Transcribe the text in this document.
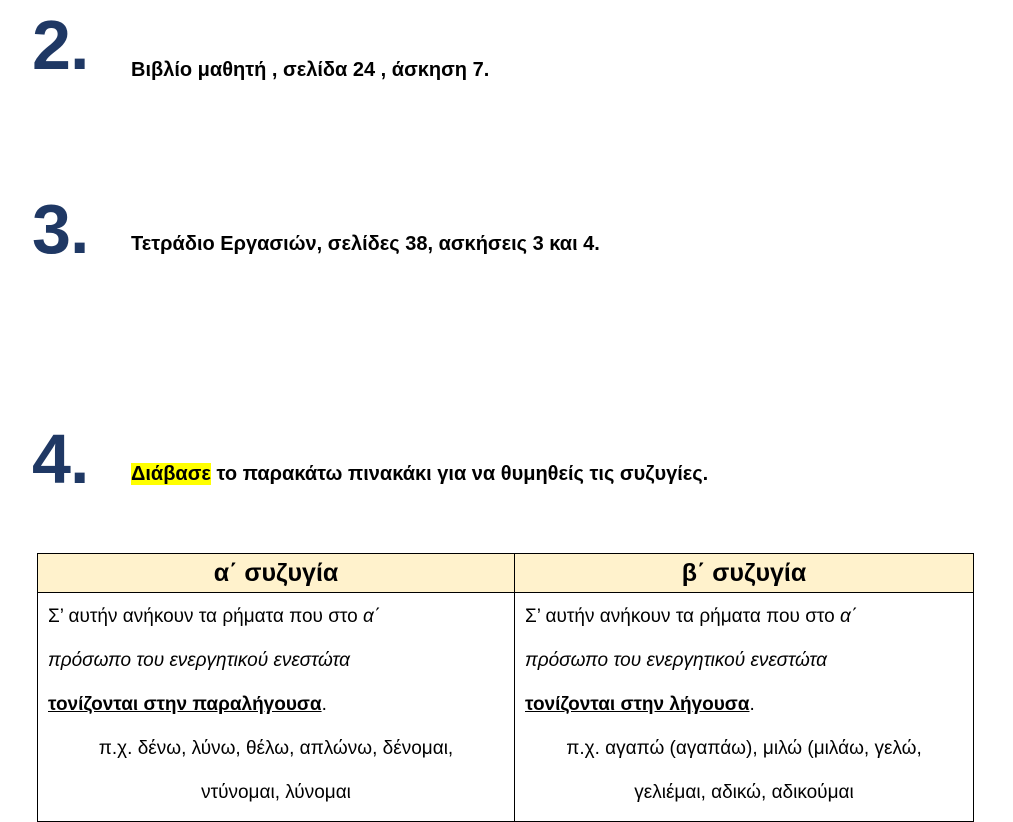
2. Βιβλίο μαθητή , σελίδα 24 , άσκηση 7.
3. Τετράδιο Εργασιών, σελίδες 38, ασκήσεις 3 και 4.
4. Διάβασε το παρακάτω πινακάκι για να θυμηθείς τις συζυγίες.
α΄ συζυγία	β΄ συζυγία

Σ’ αυτήν ανήκουν τα ρήματα που στο α΄
πρόσωπο του ενεργητικού ενεστώτα
τονίζονται στην παραλήγουσα.
π.χ. δένω, λύνω, θέλω, απλώνω, δένομαι,
ντύνομαι, λύνομαι	Σ’ αυτήν ανήκουν τα ρήματα που στο α΄
πρόσωπο του ενεργητικού ενεστώτα
τονίζονται στην λήγουσα.
π.χ. αγαπώ (αγαπάω), μιλώ (μιλάω, γελώ,
γελιέμαι, αδικώ, αδικούμαι
